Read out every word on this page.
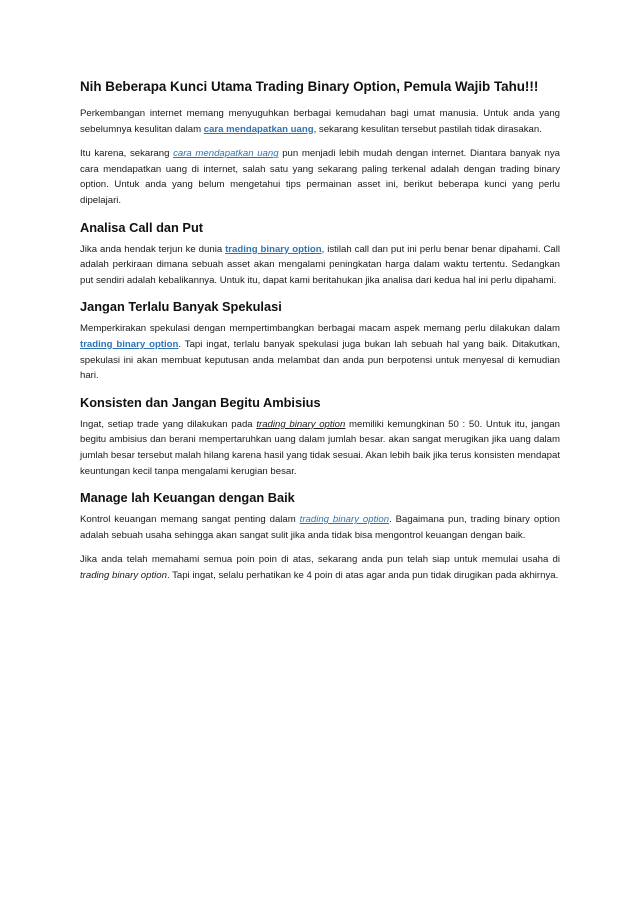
Nih Beberapa Kunci Utama Trading Binary Option, Pemula Wajib Tahu!!!

Perkembangan internet memang menyuguhkan berbagai kemudahan bagi umat manusia. Untuk anda yang sebelumnya kesulitan dalam cara mendapatkan uang, sekarang kesulitan tersebut pastilah tidak dirasakan.

Itu karena, sekarang cara mendapatkan uang pun menjadi lebih mudah dengan internet. Diantara banyak nya cara mendapatkan uang di internet, salah satu yang sekarang paling terkenal adalah dengan trading binary option. Untuk anda yang belum mengetahui tips permainan asset ini, berikut beberapa kunci yang perlu dipelajari.

Analisa Call dan Put

Jika anda hendak terjun ke dunia trading binary option, istilah call dan put ini perlu benar benar dipahami. Call adalah perkiraan dimana sebuah asset akan mengalami peningkatan harga dalam waktu tertentu. Sedangkan put sendiri adalah kebalikannya. Untuk itu, dapat kami beritahukan jika analisa dari kedua hal ini perlu dipahami.

Jangan Terlalu Banyak Spekulasi

Memperkirakan spekulasi dengan mempertimbangkan berbagai macam aspek memang perlu dilakukan dalam trading binary option. Tapi ingat, terlalu banyak spekulasi juga bukan lah sebuah hal yang baik. Ditakutkan, spekulasi ini akan membuat keputusan anda melambat dan anda pun berpotensi untuk menyesal di kemudian hari.

Konsisten dan Jangan Begitu Ambisius

Ingat, setiap trade yang dilakukan pada trading binary option memiliki kemungkinan 50 : 50. Untuk itu, jangan begitu ambisius dan berani mempertaruhkan uang dalam jumlah besar. akan sangat merugikan jika uang dalam jumlah besar tersebut malah hilang karena hasil yang tidak sesuai. Akan lebih baik jika terus konsisten mendapat keuntungan kecil tanpa mengalami kerugian besar.

Manage lah Keuangan dengan Baik

Kontrol keuangan memang sangat penting dalam trading binary option. Bagaimana pun, trading binary option adalah sebuah usaha sehingga akan sangat sulit jika anda tidak bisa mengontrol keuangan dengan baik.

Jika anda telah memahami semua poin poin di atas, sekarang anda pun telah siap untuk memulai usaha di trading binary option. Tapi ingat, selalu perhatikan ke 4 poin di atas agar anda pun tidak dirugikan pada akhirnya.
